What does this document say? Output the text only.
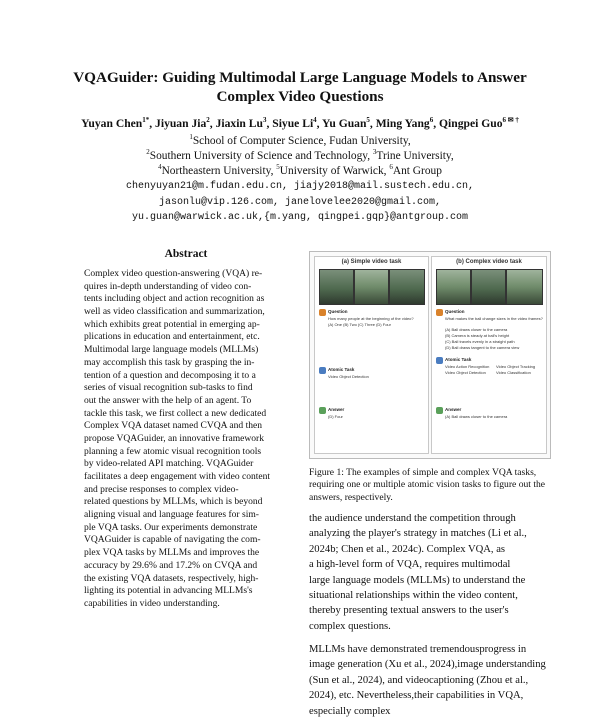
VQAGuider: Guiding Multimodal Large Language Models to Answer
Complex Video Questions
Yuyan Chen$^{1*}$, Jiyuan Jia$^2$, Jiaxin Lu$^3$, Siyue Li$^4$, Yu Guan$^5$, Ming Yang$^6$, Qingpei Guo$^{6 ✉ \dagger}$
$^1$School of Computer Science, Fudan University,
$^2$Southern University of Science and Technology, $^3$Trine University,
$^4$Northeastern University, $^5$University of Warwick, $^6$Ant Group
chenyuyan21@m.fudan.edu.cn, jiajy2018@mail.sustech.edu.cn,
jasonlu@vip.126.com, janelovelee2020@gmail.com,
yu.guan@warwick.ac.uk,{m.yang, qingpei.gqp}@antgroup.com
Abstract
Complex video question-answering (VQA) re-
quires in-depth understanding of video con-
tents including object and action recognition as
well as video classification and summarization,
which exhibits great potential in emerging ap-
plications in education and entertainment, etc.
Multimodal large language models (MLLMs)
may accomplish this task by grasping the in-
tention of a question and decomposing it to a
series of visual recognition sub-tasks to find
out the answer with the help of an agent. To
tackle this task, we first collect a new dedicated
Complex VQA dataset named CVQA and then
propose VQAGuider, an innovative framework
planning a few atomic visual recognition tools
by video-related API matching. VQAGuider
facilitates a deep engagement with video content
and precise responses to complex video-
related questions by MLLMs, which is beyond
aligning visual and language features for sim-
ple VQA tasks. Our experiments demonstrate
VQAGuider is capable of navigating the com-
plex VQA tasks by MLLMs and improves the
accuracy by 29.6% and 17.2% on CVQA and
the existing VQA datasets, respectively, high-
lighting its potential in advancing MLLMs's
capabilities in video understanding.
(a) Simple video task
Question
How many people at the beginning of the video?
(A) One (B) Two (C) Three (D) Four
Atomic Task
Video Object Detection
Answer
(D) Four
(b) Complex video task
Question
What makes the ball change sizes in the video frames?
(A) Ball draws closer to the camera
(B) Camera is steady at ball's height
(C) Ball travels evenly in a straight path
(D) Ball draws tangent to the camera view
Atomic Task
Video Action Recognition	Video Object Tracking
Video Object Detection	Video Classification
Answer
(A) Ball draws closer to the camera
Figure 1: The examples of simple and complex VQA tasks, requiring one or multiple atomic vision tasks to figure out the answers, respectively.
the audience understand the competition through
analyzing the player's strategy in matches (Li et al.,
2024b; Chen et al., 2024c). Complex VQA, as
a high-level form of VQA, requires multimodal
large language models (MLLMs) to understand the
situational relationships within the video content,
thereby presenting textual answers to the user's
complex questions.
MLLMs have demonstrated tremendousprogress in image generation (Xu et al., 2024),image understanding (Sun et al., 2024), and videocaptioning (Zhou et al., 2024), etc. Nevertheless,their capabilities in VQA, especially complex
